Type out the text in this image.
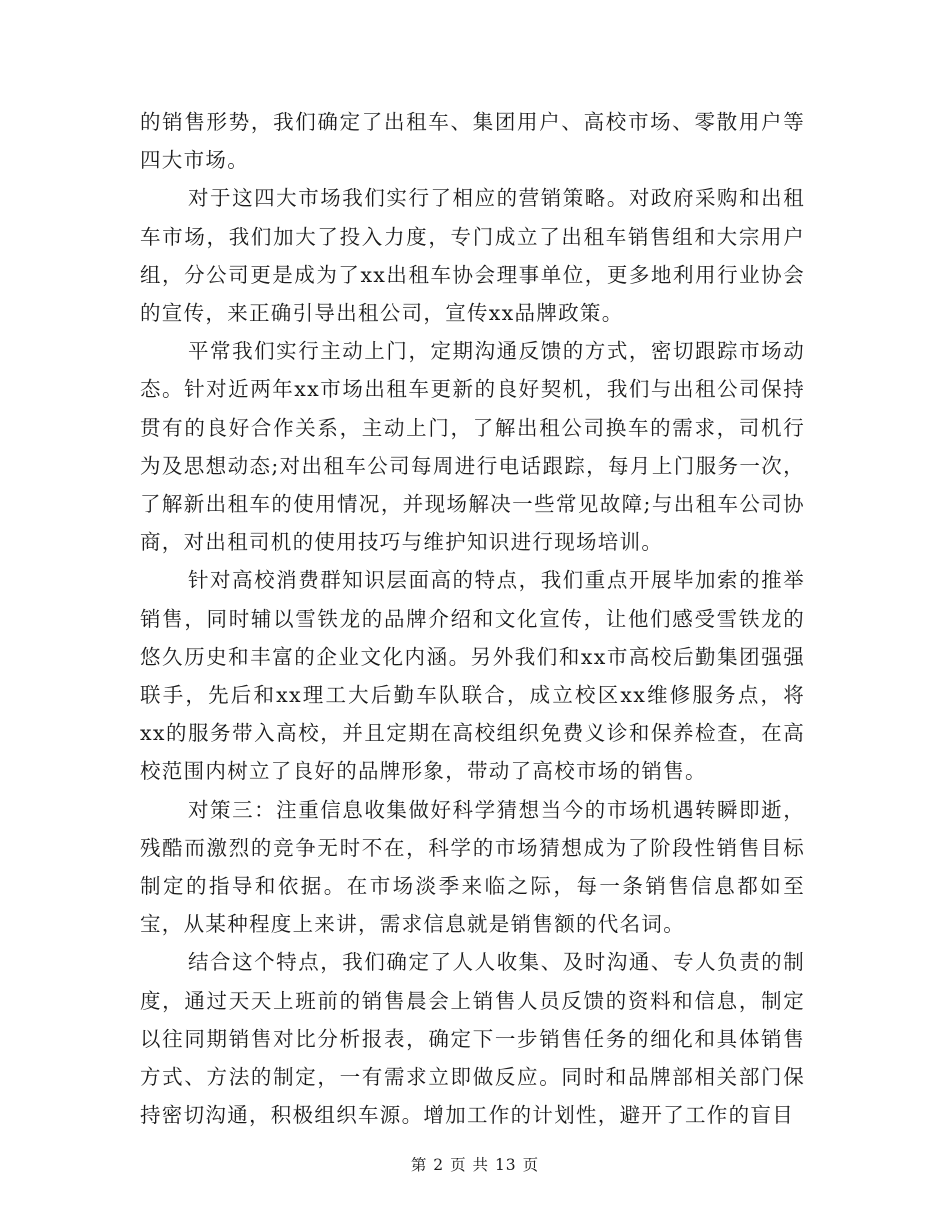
的销售形势，我们确定了出租车、集团用户、高校市场、零散用户等四大市场。

对于这四大市场我们实行了相应的营销策略。对政府采购和出租车市场，我们加大了投入力度，专门成立了出租车销售组和大宗用户组，分公司更是成为了xx出租车协会理事单位，更多地利用行业协会的宣传，来正确引导出租公司，宣传xx品牌政策。

平常我们实行主动上门，定期沟通反馈的方式，密切跟踪市场动态。针对近两年xx市场出租车更新的良好契机，我们与出租公司保持贯有的良好合作关系，主动上门，了解出租公司换车的需求，司机行为及思想动态;对出租车公司每周进行电话跟踪，每月上门服务一次，了解新出租车的使用情况，并现场解决一些常见故障;与出租车公司协商，对出租司机的使用技巧与维护知识进行现场培训。

针对高校消费群知识层面高的特点，我们重点开展毕加索的推举销售，同时辅以雪铁龙的品牌介绍和文化宣传，让他们感受雪铁龙的悠久历史和丰富的企业文化内涵。另外我们和xx市高校后勤集团强强联手，先后和xx理工大后勤车队联合，成立校区xx维修服务点，将xx的服务带入高校，并且定期在高校组织免费义诊和保养检查，在高校范围内树立了良好的品牌形象，带动了高校市场的销售。

对策三：注重信息收集做好科学猜想当今的市场机遇转瞬即逝，残酷而激烈的竞争无时不在，科学的市场猜想成为了阶段性销售目标制定的指导和依据。在市场淡季来临之际，每一条销售信息都如至宝，从某种程度上来讲，需求信息就是销售额的代名词。

结合这个特点，我们确定了人人收集、及时沟通、专人负责的制度，通过天天上班前的销售晨会上销售人员反馈的资料和信息，制定以往同期销售对比分析报表，确定下一步销售任务的细化和具体销售方式、方法的制定，一有需求立即做反应。同时和品牌部相关部门保持密切沟通，积极组织车源。增加工作的计划性，避开了工作的盲目

第 2 页 共 13 页
